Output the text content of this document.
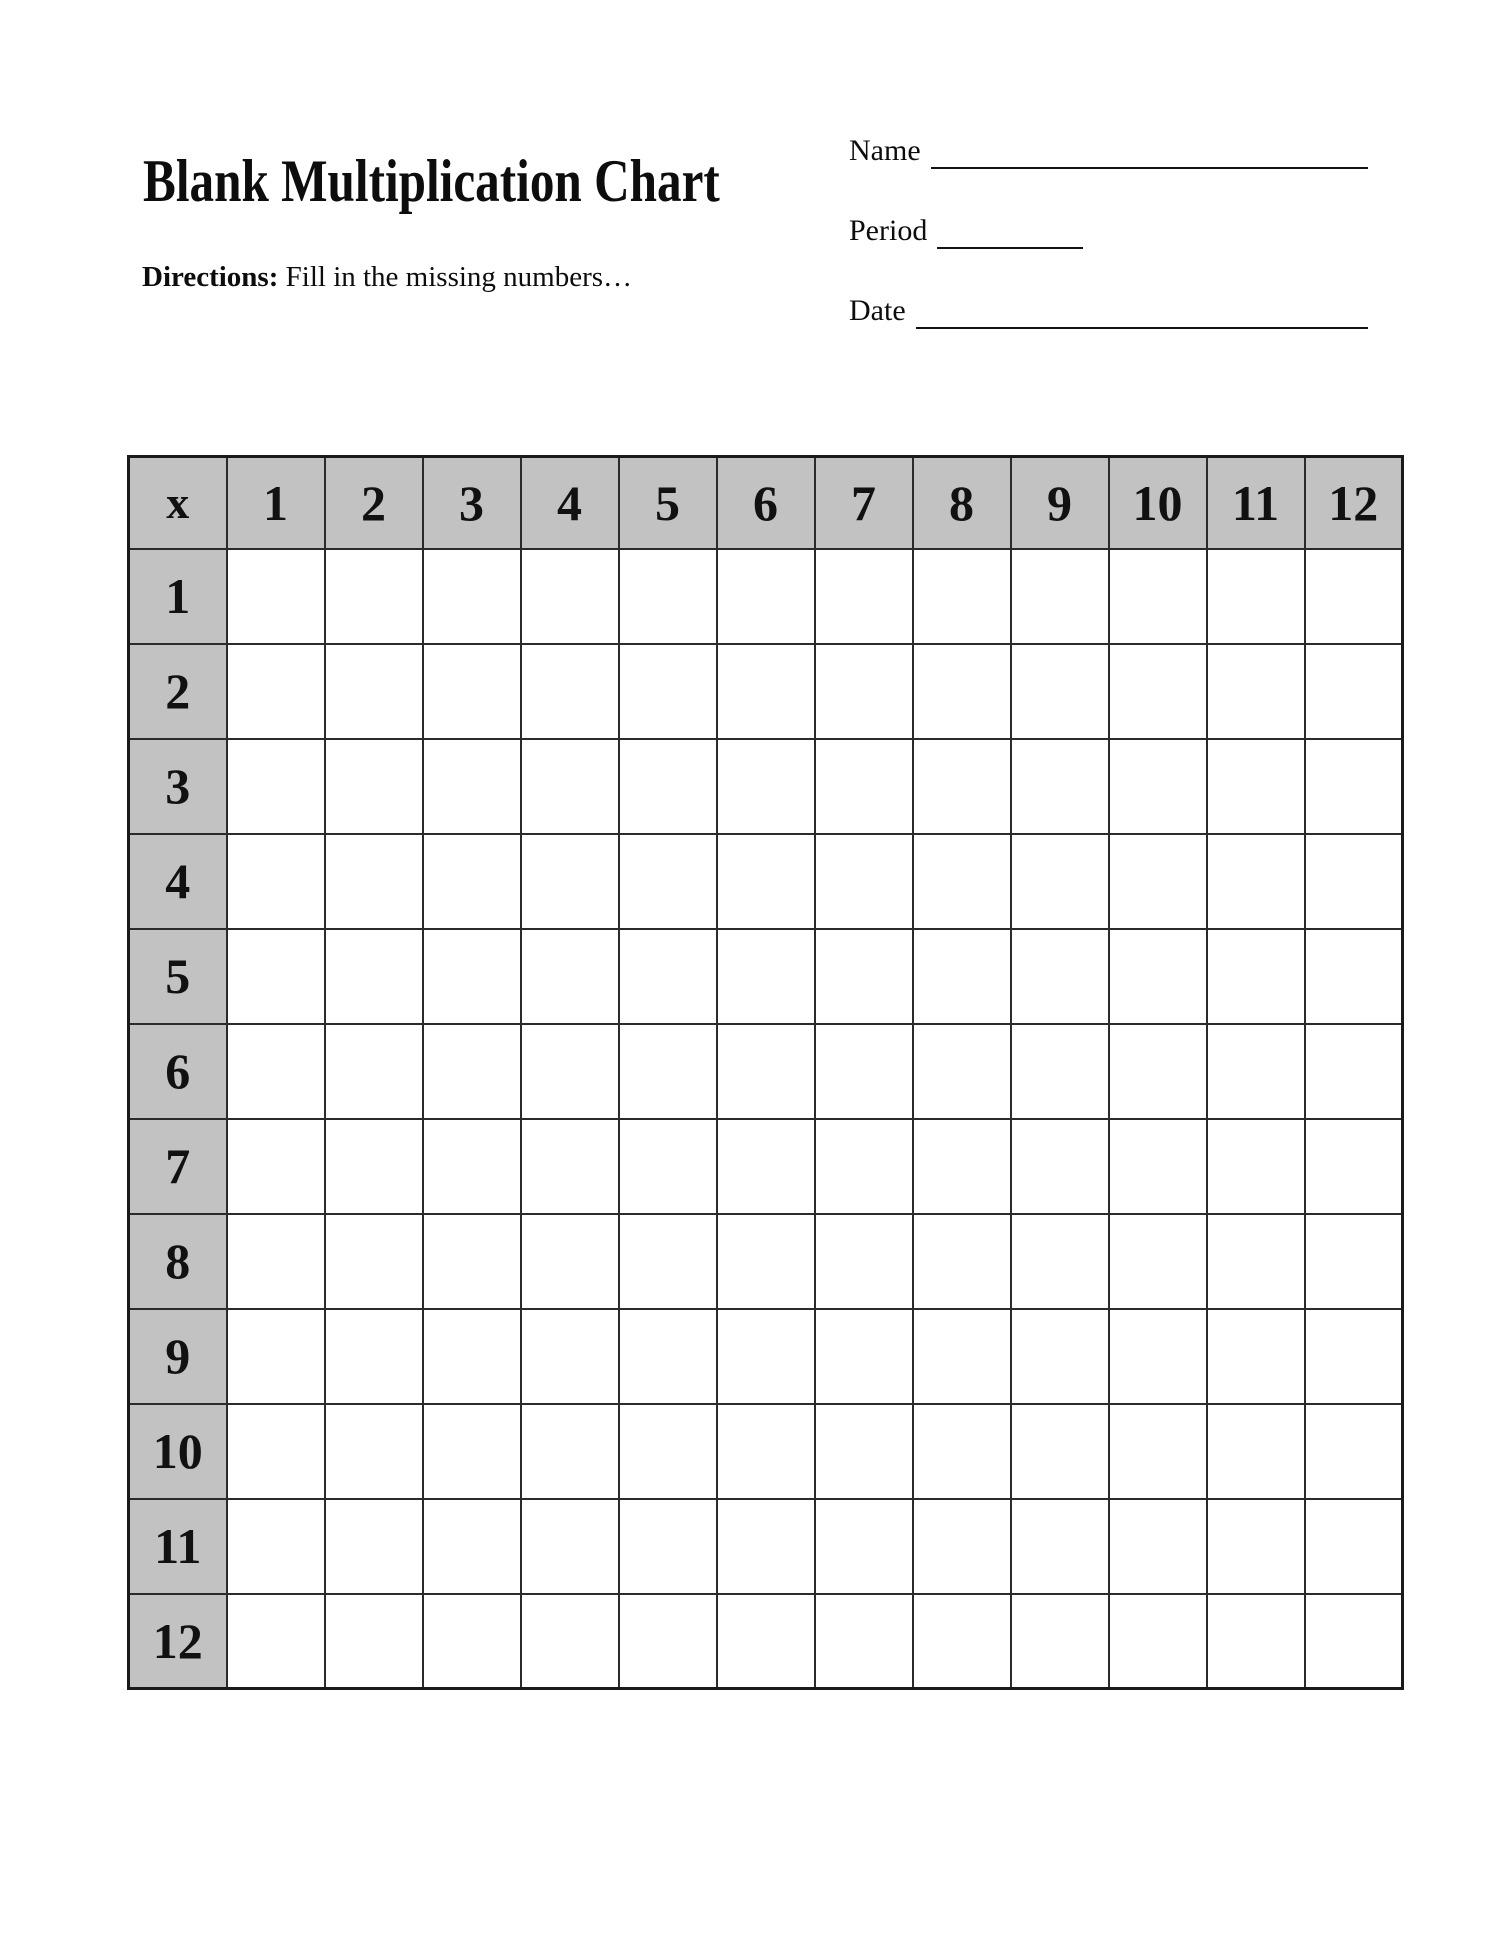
Blank Multiplication Chart

Directions: Fill in the missing numbers…

Name
Period
Date
x	1	2	3	4	5	6	7	8	9	10	11	12
1												
2												
3												
4												
5												
6												
7												
8												
9												
10												
11												
12												
